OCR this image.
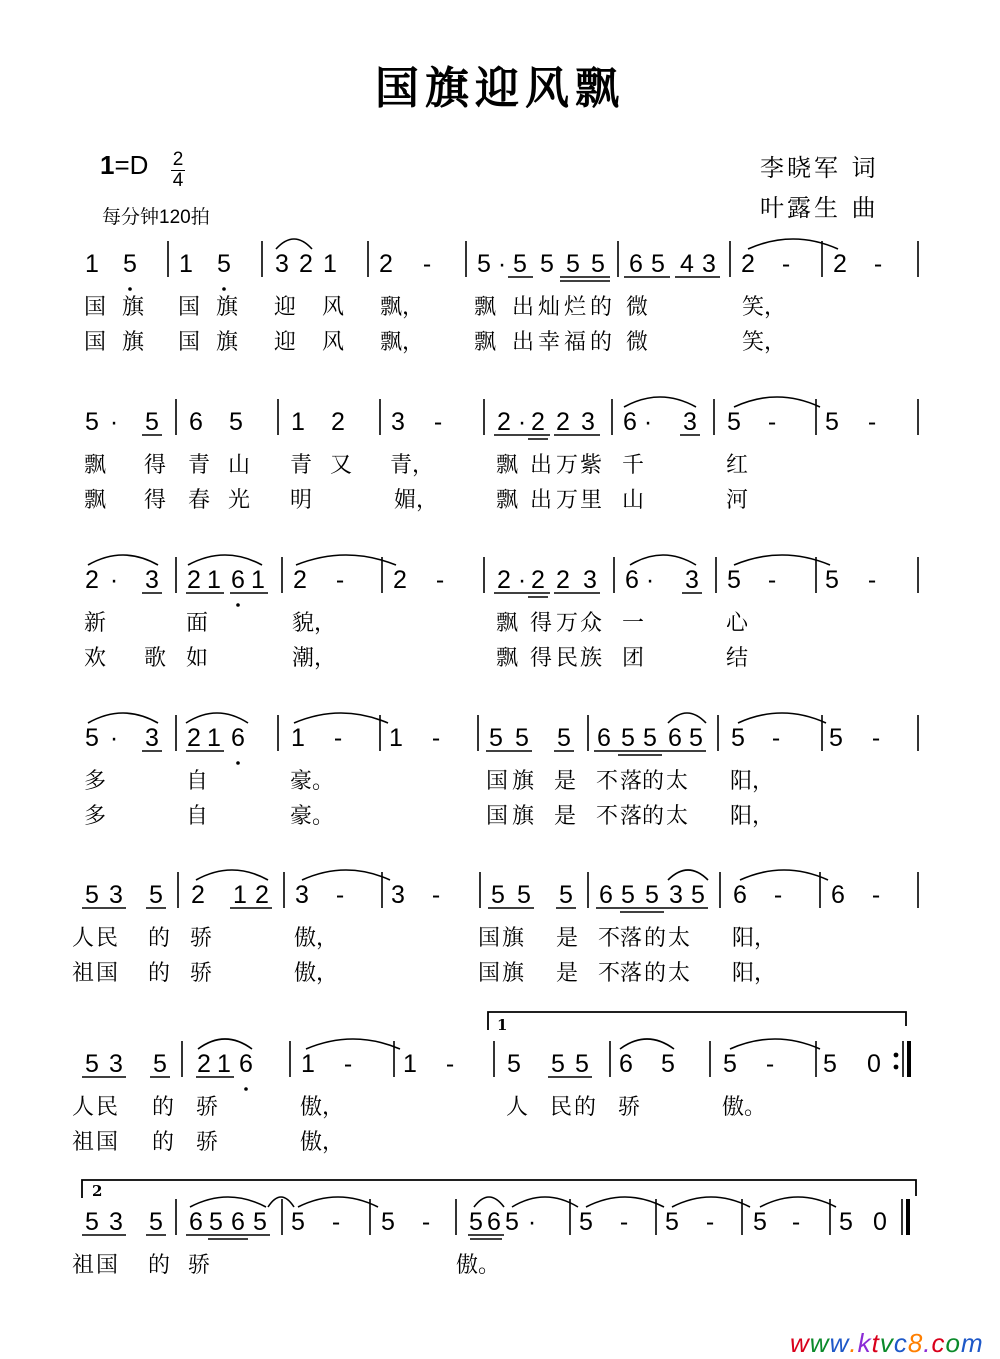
国旗迎风飘
1=D 2
4
每分钟120拍
李晓军 词
叶露生 曲
1 5 1 5 3 2 1 2 - 5 · 5 5 5 5 6 5 4 3 2 - 2 -
国 旗 国 旗 迎 风 飘， 飘 出 灿 烂 的 微	笑，
国 旗 国 旗 迎 风 飘， 飘 出 幸 福 的 微	笑，
5 · 5 6 5 1 2 3 - 2 · 2 2 3 6 · 3 5 - 5 -
飘 得 青 山 青 又 青，	飘 出 万 紫 千	红
飘 得 春 光 明	媚，	飘 出 万 里 山	河
2 · 3 2 1 6 1 2 - 2 - 2 · 2 2 3 6 · 3 5 - 5 -
新	面	貌，	飘 得 万 众 一	心
欢 歌 如	潮，	飘 得 民 族 团	结
5 · 3 2 1 6 1 - 1 - 5 5 5 6 5 5 6 5 5 - 5 -
多	自	豪。	国 旗 是 不 落 的 太 阳，
多	自	豪。	国 旗 是 不 落 的 太 阳，
5 3 5 2 1 2 3 - 3 - 5 5 5 6 5 5 3 5 6 - 6 -
人 民 的 骄	傲，	国 旗 是 不 落 的 太 阳，
祖 国 的 骄	傲，	国 旗 是 不 落 的 太 阳，
5 3 5 2 1 6 1 - 1 - 5 5 5 6 5 5 - 5 0
人 民 的 骄	傲，	人 民 的 骄	傲。
祖 国 的 骄	傲，
5 3 5 6 5 6 5 5 - 5 - 5 6 5 · 5 - 5 - 5 - 5 0
祖 国 的 骄	傲。
1
2
www.ktvc8.com
